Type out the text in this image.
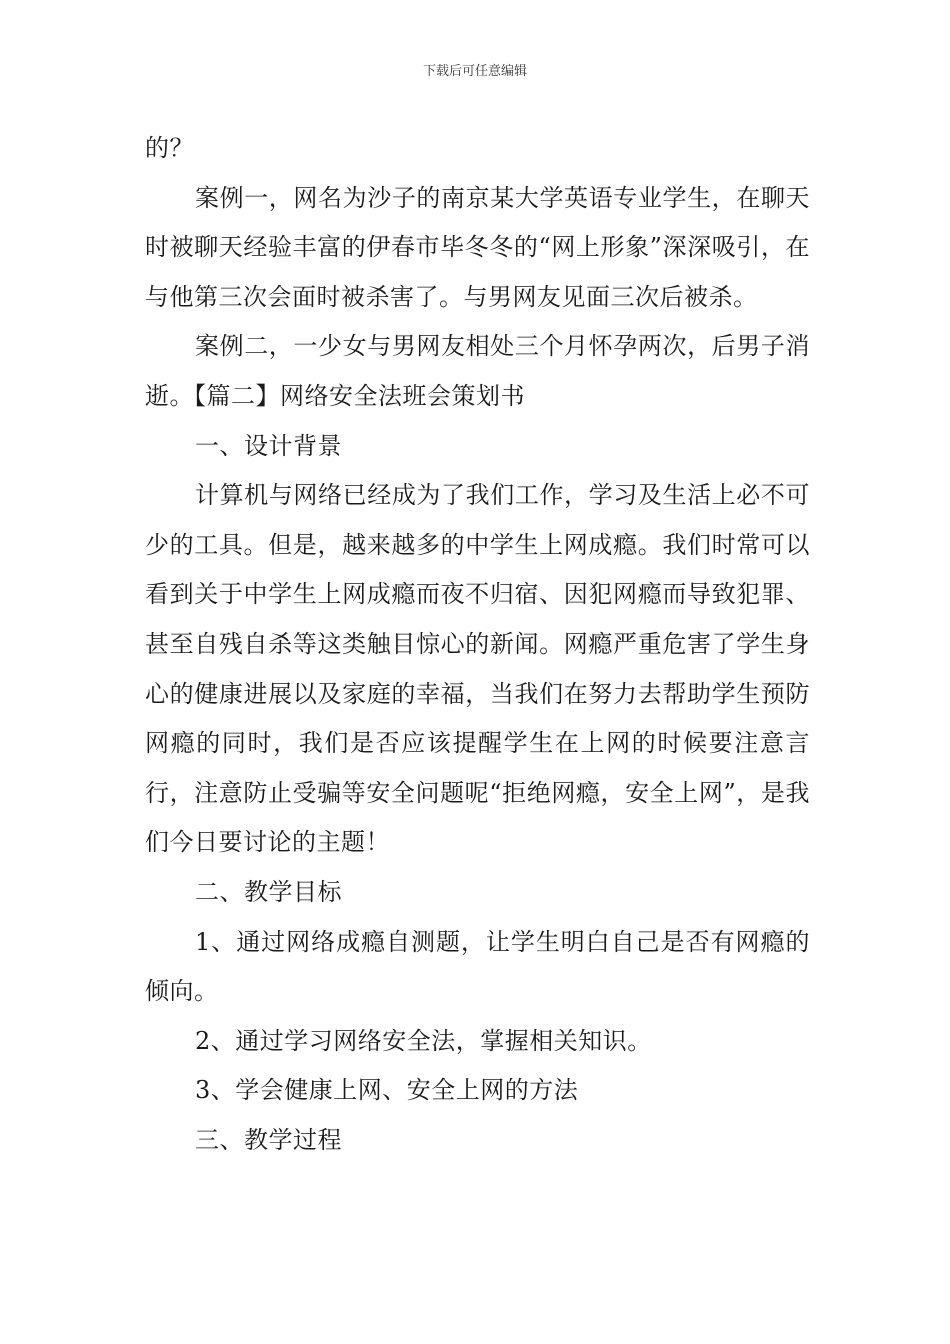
下载后可任意编辑

的？

案例一，网名为沙子的南京某大学英语专业学生，在聊天时被聊天经验丰富的伊春市毕冬冬的“网上形象”深深吸引，在与他第三次会面时被杀害了。与男网友见面三次后被杀。

案例二，一少女与男网友相处三个月怀孕两次，后男子消逝。【篇二】网络安全法班会策划书

一、设计背景

计算机与网络已经成为了我们工作，学习及生活上必不可少的工具。但是，越来越多的中学生上网成瘾。我们时常可以看到关于中学生上网成瘾而夜不归宿、因犯网瘾而导致犯罪、甚至自残自杀等这类触目惊心的新闻。网瘾严重危害了学生身心的健康进展以及家庭的幸福，当我们在努力去帮助学生预防网瘾的同时，我们是否应该提醒学生在上网的时候要注意言行，注意防止受骗等安全问题呢“拒绝网瘾，安全上网”，是我们今日要讨论的主题！

二、教学目标

1、通过网络成瘾自测题，让学生明白自己是否有网瘾的倾向。

2、通过学习网络安全法，掌握相关知识。

3、学会健康上网、安全上网的方法

三、教学过程
